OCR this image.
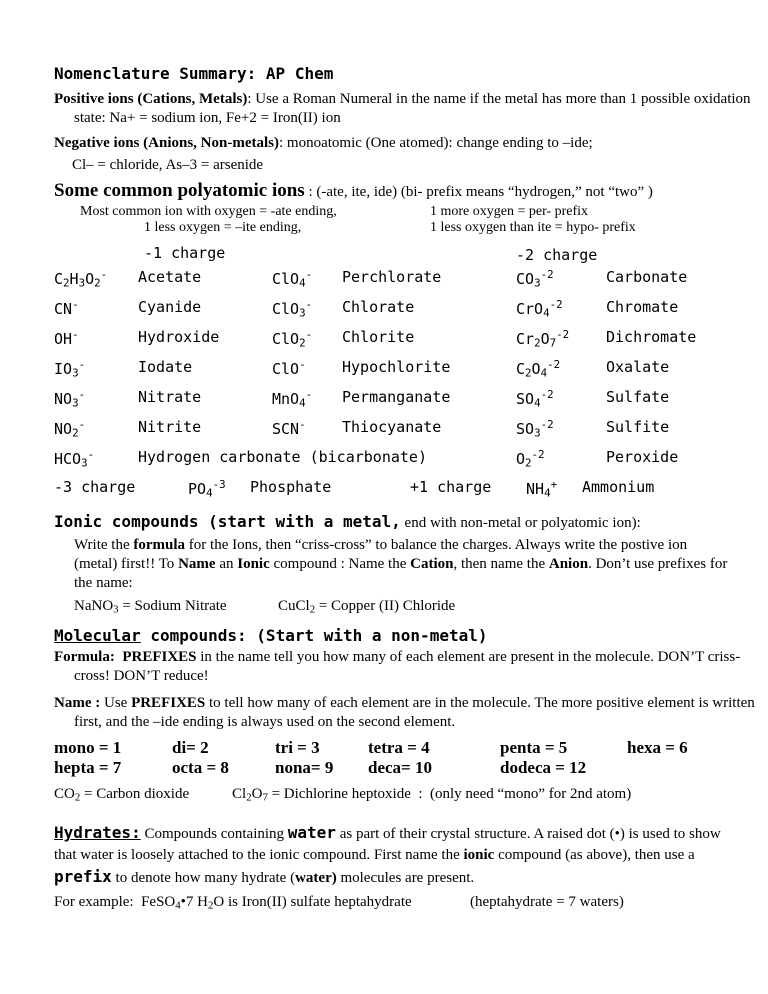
Nomenclature Summary: AP Chem
Positive ions (Cations, Metals): Use a Roman Numeral in the name if the metal has more than 1 possible oxidation state: Na+ = sodium ion, Fe+2 = Iron(II) ion
Negative ions (Anions, Non-metals): monoatomic (One atomed): change ending to –ide;
Cl– = chloride, As–3 = arsenide
Some common polyatomic ions : (-ate, ite, ide) (bi- prefix means “hydrogen,” not “two” )
Most common ion with oxygen = -ate ending,	1 more oxygen = per- prefix
1 less oxygen = –ite ending,	1 less oxygen than ite = hypo- prefix
-1 charge	-2 charge
$C_2H_3O_2^-$ Acetate	ClO$_4$- Perchlorate	$CO_3^{-2}$	Carbonate
CN-	Cyanide	ClO$_3$- Chlorate	CrO$_4^{-2}$	Chromate
OH-	Hydroxide	ClO$_2$- Chlorite	$Cr_2O_7^{-2}$ Dichromate
$IO_3^-$	Iodate	ClO- Hypochlorite	$C_2O_4^{-2}$	Oxalate
$NO_3^-$	Nitrate	MnO$_4$- Permanganate	$SO_4^{-2}$	Sulfate
$NO_2^-$	Nitrite	SCN- Thiocyanate	$SO_3^{-2}$	Sulfite
$HCO_3^-$	Hydrogen carbonate (bicarbonate)	$O_2^{-2}$	Peroxide
-3 charge	$PO_4^{-3}$ Phosphate	+1 charge $NH_4^+$ Ammonium
Ionic compounds (start with a metal, end with non-metal or polyatomic ion):
Write the formula for the Ions, then “criss-cross” to balance the charges. Always write the postive ion (metal) first!! To Name an Ionic compound : Name the Cation, then name the Anion. Don’t use prefixes for the name:
NaNO$_3$ = Sodium Nitrate	CuCl$_2$ = Copper (II) Chloride
Molecular compounds: (Start with a non-metal)
Formula: PREFIXES in the name tell you how many of each element are present in the molecule. DON’T criss-cross! DON’T reduce!
Name : Use PREFIXES to tell how many of each element are in the molecule. The more positive element is written first, and the –ide ending is always used on the second element.
mono = 1	di= 2	tri = 3	tetra = 4	penta = 5	hexa = 6
hepta = 7	octa = 8	nona= 9 deca= 10	dodeca = 12
$CO_2$ = Carbon dioxide	$Cl_2O_7$ = Dichlorine heptoxide  :  (only need “mono” for 2nd atom)
Hydrates: Compounds containing water as part of their crystal structure. A raised dot (•) is used to show that water is loosely attached to the ionic compound. First name the ionic compound (as above), then use a prefix to denote how many hydrate (water) molecules are present.
For example:  FeSO$_4$•7 $H_2O$ is Iron(II) sulfate heptahydrate	(heptahydrate = 7 waters)
